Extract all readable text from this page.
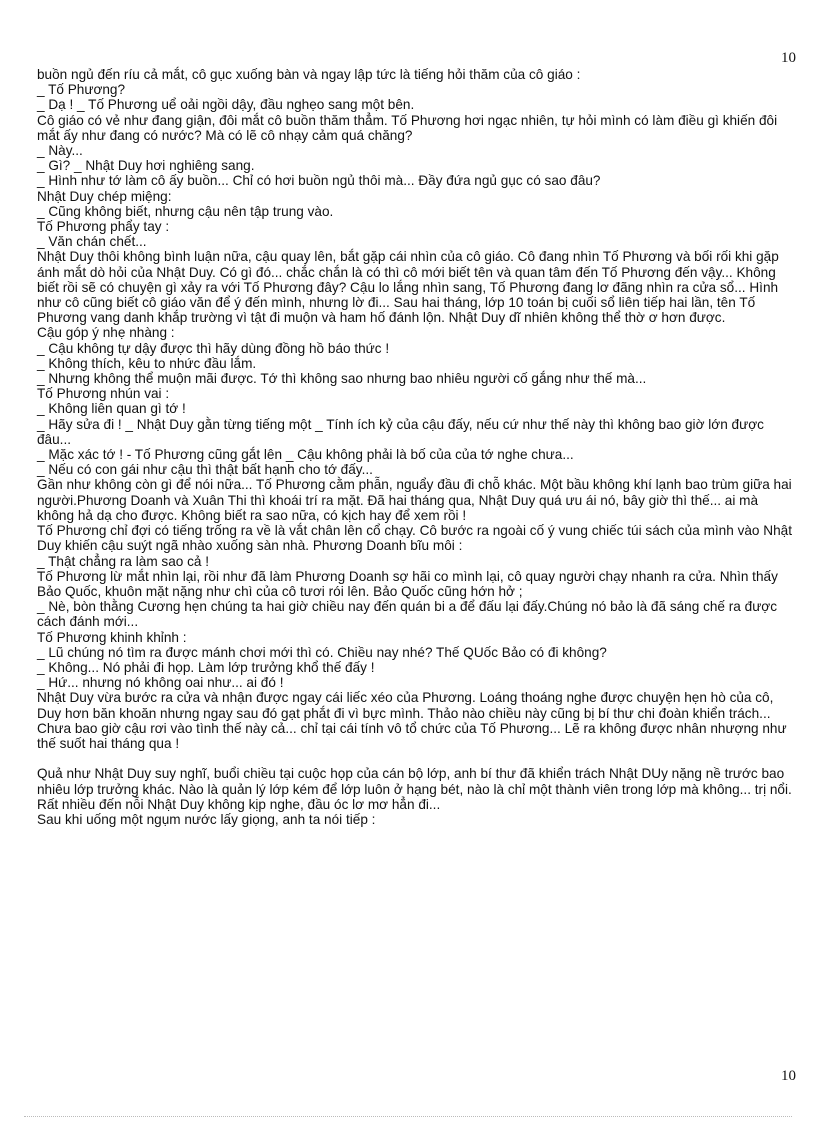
10

buồn ngủ đến ríu cả mắt, cô gục xuống bàn và ngay lập tức là tiếng hỏi thăm của cô giáo :

_ Tố Phương?

_ Dạ ! _ Tố Phương uể oải ngồi dậy, đầu nghẹo sang một bên.

Cô giáo có vẻ như đang giận, đôi mắt cô buồn thăm thẳm. Tố Phương hơi ngạc nhiên, tự hỏi mình có làm điều gì khiến đôi mắt ấy như đang có nước? Mà có lẽ cô nhạy cảm quá chăng?

_ Này...

_ Gì? _ Nhật Duy hơi nghiêng sang.

_ Hình như tớ làm cô ấy buồn... Chỉ có hơi buồn ngủ thôi mà... Đầy đứa ngủ gục có sao đâu?

Nhật Duy chép miệng:

_ Cũng không biết, nhưng cậu nên tập trung vào.

Tố Phương phẩy tay :

_ Văn chán chết...

Nhật Duy thôi không bình luận nữa, cậu quay lên, bắt gặp cái nhìn của cô giáo. Cô đang nhìn Tố Phương và bối rối khi gặp ánh mắt dò hỏi của Nhật Duy. Có gì đó... chắc chắn là có thì cô mới biết tên và quan tâm đến Tố Phương đến vậy... Không biết rồi sẽ có chuyện gì xảy ra với Tố Phương đây? Cậu lo lắng nhìn sang, Tố Phương đang lơ đãng nhìn ra cửa sổ... Hình như cô cũng biết cô giáo văn để ý đến mình, nhưng lờ đi... Sau hai tháng, lớp 10 toán bị cuối sổ liên tiếp hai lần, tên Tố Phương vang danh khắp trường vì tật đi muộn và ham hố đánh lộn. Nhật Duy dĩ nhiên không thể thờ ơ hơn được.

Cậu góp ý nhẹ nhàng :

_ Cậu không tự dậy được thì hãy dùng đồng hồ báo thức !

_ Không thích, kêu to nhức đầu lắm.

_ Nhưng không thể muộn mãi được. Tớ thì không sao nhưng bao nhiêu người cố gắng như thế mà...

Tố Phương nhún vai :

_ Không liên quan gì tớ !

_ Hãy sửa đi ! _ Nhật Duy gằn từng tiếng một _ Tính ích kỷ của cậu đấy, nếu cứ như thế này thì không bao giờ lớn được đâu...

_ Mặc xác tớ ! - Tố Phương cũng gắt lên _ Cậu không phải là bố của của tớ nghe chưa...

_ Nếu có con gái như cậu thì thật bất hạnh cho tớ đấy...

Gần như không còn gì để nói nữa... Tố Phương cằm phẫn, nguẩy đầu đi chỗ khác. Một bầu không khí lạnh bao trùm giữa hai người.Phương Doanh và Xuân Thi thì khoái trí ra mặt. Đã hai tháng qua, Nhật Duy quá ưu ái nó, bây giờ thì thế... ai mà không hả dạ cho được. Không biết ra sao nữa, có kịch hay để xem rồi !

Tố Phương chỉ đợi có tiếng trống ra về là vắt chân lên cổ chạy. Cô bước ra ngoài cố ý vung chiếc túi sách của mình vào Nhật Duy khiến cậu suýt ngã nhào xuống sàn nhà. Phương Doanh bĩu môi :

_ Thật chẳng ra làm sao cả !

Tố Phương lừ mắt nhìn lại, rồi như đã làm Phương Doanh sợ hãi co mình lại, cô quay người chạy nhanh ra cửa. Nhìn thấy Bảo Quốc, khuôn mặt nặng như chì của cô tươi rói lên. Bảo Quốc cũng hớn hở ;

_ Nè, bòn thằng Cương hẹn chúng ta hai giờ chiều nay đến quán bi a để đấu lại đấy.Chúng nó bảo là đã sáng chế ra được cách đánh mới...

Tố Phương khinh khỉnh :

_ Lũ chúng nó tìm ra được mánh chơi mới thì có. Chiều nay nhé? Thế QUốc Bảo có đi không?

_ Không... Nó phải đi họp. Làm lớp trưởng khổ thế đấy !

_ Hứ... nhưng nó không oai như... ai đó !

Nhật Duy vừa bước ra cửa và nhận được ngay cái liếc xéo của Phương. Loáng thoáng nghe được chuyện hẹn hò của cô, Duy hơn băn khoăn nhưng ngay sau đó gạt phắt đi vì bực mình. Thảo nào chiều này cũng bị bí thư chi đoàn khiển trách... Chưa bao giờ cậu rơi vào tình thế này cả... chỉ tại cái tính vô tổ chức của Tố Phương... Lẽ ra không được nhân nhượng như thế suốt hai tháng qua !

Quả như Nhật Duy suy nghĩ, buổi chiều tại cuộc họp của cán bộ lớp, anh bí thư đã khiển trách Nhật DUy nặng nề trước bao nhiêu lớp trưởng khác. Nào là quản lý lớp kém để lớp luôn ở hạng bét, nào là chỉ một thành viên trong lớp mà không... trị nổi. Rất nhiều đến nỗi Nhật Duy không kịp nghe, đầu óc lơ mơ hẳn đi...

Sau khi uống một ngụm nước lấy giọng, anh ta nói tiếp :

10
